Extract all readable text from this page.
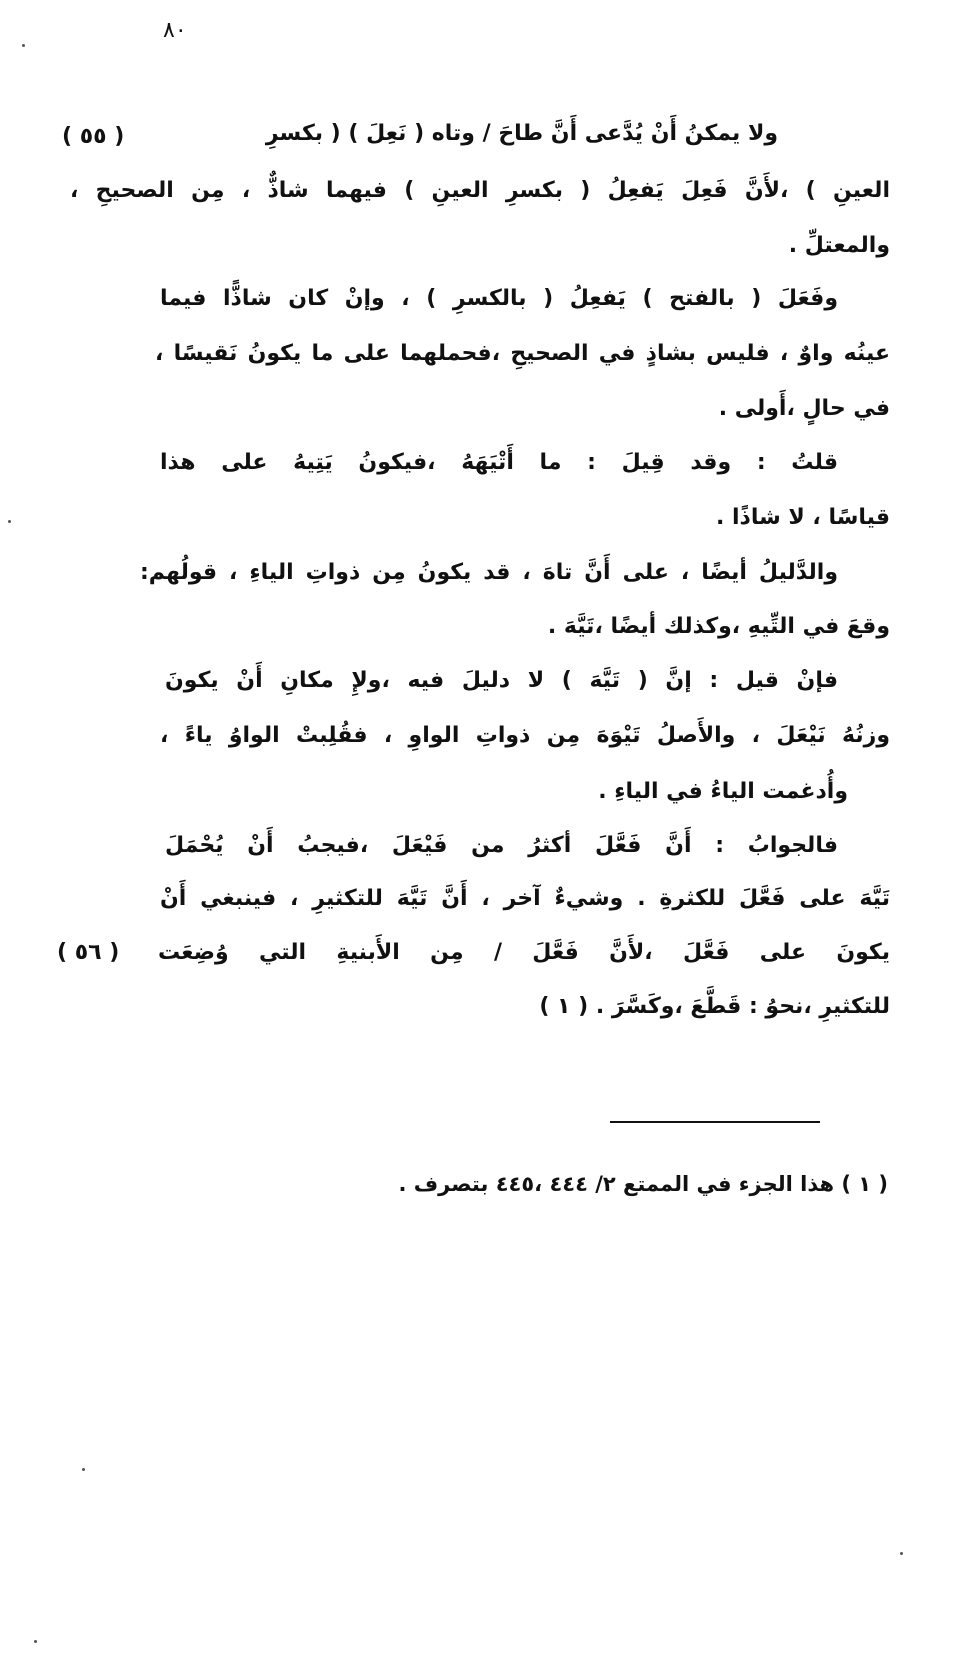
٨٠
( ٥٥ )
( ٥٦ )
ولا يمكنُ أَنْ يُدَّعى أَنَّ طاحَ / وتاه ( نَعِلَ ) ( بكسرِ
العينِ ) ،لأَنَّ فَعِلَ يَفعِلُ ( بكسرِ العينِ ) فيهما شاذٌّ ، مِن الصحيحِ ،
والمعتلِّ .
وفَعَلَ ( بالفتح ) يَفعِلُ ( بالكسرِ ) ، وإنْ كان شاذًّا فيما
عينُه واوٌ ، فليس بشاذٍ في الصحيحِ ،فحملهما على ما يكونُ نَقيسًا ،
في حالٍ ،أَولى .
قلتُ : وقد قِيلَ : ما أَتْيَهَهُ ،فيكونُ يَتِيهُ على هذا
قياسًا ، لا شاذًا .
والدَّليلُ أيضًا ، على أَنَّ تاهَ ، قد يكونُ مِن ذواتِ الياءِ ، قولُهم:
وقعَ في التِّيهِ ،وكذلك أيضًا ،تَيَّهَ .
فإنْ قيل : إنَّ ( تَيَّهَ ) لا دليلَ فيه ،ولإِ مكانِ أَنْ يكونَ
وزنُهُ نَيْعَلَ ، والأَصلُ تَيْوَهَ مِن ذواتِ الواوِ ، فقُلِبتْ الواوُ ياءً ،
وأُدغمت الياءُ في الياءِ .
فالجوابُ : أَنَّ فَعَّلَ أكثرُ من فَيْعَلَ ،فيجبُ أَنْ يُحْمَلَ
تَيَّهَ على فَعَّلَ للكثرةِ . وشيءٌ آخر ، أَنَّ تَيَّهَ للتكثيرِ ، فينبغي أَنْ
يكونَ على فَعَّلَ ،لأَنَّ فَعَّلَ / مِن الأَبنيةِ التي وُضِعَت
للتكثيرِ ،نحوُ : قَطَّعَ ،وكَسَّرَ . ( ١ )
( ١ ) هذا الجزء في الممتع ٢/ ٤٤٤ ،٤٤٥ بتصرف .
